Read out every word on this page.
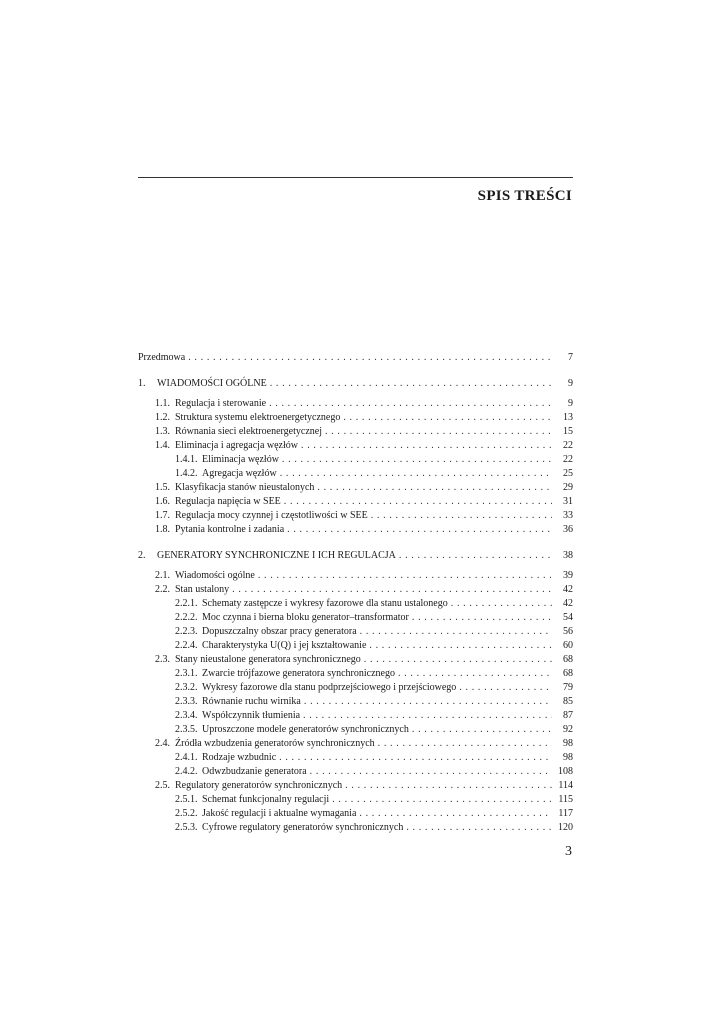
SPIS TREŚCI
Przedmowa . . .	7
1.	WIADOMOŚCI OGÓLNE . . .	9
1.1. Regulacja i sterowanie . . .	9
1.2. Struktura systemu elektroenergetycznego . . .	13
1.3. Równania sieci elektroenergetycznej . . .	15
1.4. Eliminacja i agregacja węzłów . . .	22
1.4.1. Eliminacja węzłów . . .	22
1.4.2. Agregacja węzłów . . .	25
1.5. Klasyfikacja stanów nieustalonych . . .	29
1.6. Regulacja napięcia w SEE . . .	31
1.7. Regulacja mocy czynnej i częstotliwości w SEE . . .	33
1.8. Pytania kontrolne i zadania . . .	36
2.	GENERATORY SYNCHRONICZNE I ICH REGULACJA . . .	38
2.1. Wiadomości ogólne . . .	39
2.2. Stan ustalony . . .	42
2.2.1. Schematy zastępcze i wykresy fazorowe dla stanu ustalonego . . .	42
2.2.2. Moc czynna i bierna bloku generator–transformator . . .	54
2.2.3. Dopuszczalny obszar pracy generatora . . .	56
2.2.4. Charakterystyka U(Q) i jej kształtowanie . . .	60
2.3. Stany nieustalone generatora synchronicznego . . .	68
2.3.1. Zwarcie trójfazowe generatora synchronicznego . . .	68
2.3.2. Wykresy fazorowe dla stanu podprzejściowego i przejściowego . . .	79
2.3.3. Równanie ruchu wirnika . . .	85
2.3.4. Współczynnik tłumienia . . .	87
2.3.5. Uproszczone modele generatorów synchronicznych . . .	92
2.4. Źródła wzbudzenia generatorów synchronicznych . . .	98
2.4.1. Rodzaje wzbudnic . . .	98
2.4.2. Odwzbudzanie generatora . . .	108
2.5. Regulatory generatorów synchronicznych . . .	114
2.5.1. Schemat funkcjonalny regulacji . . .	115
2.5.2. Jakość regulacji i aktualne wymagania . . .	117
2.5.3. Cyfrowe regulatory generatorów synchronicznych . . .	120
3
